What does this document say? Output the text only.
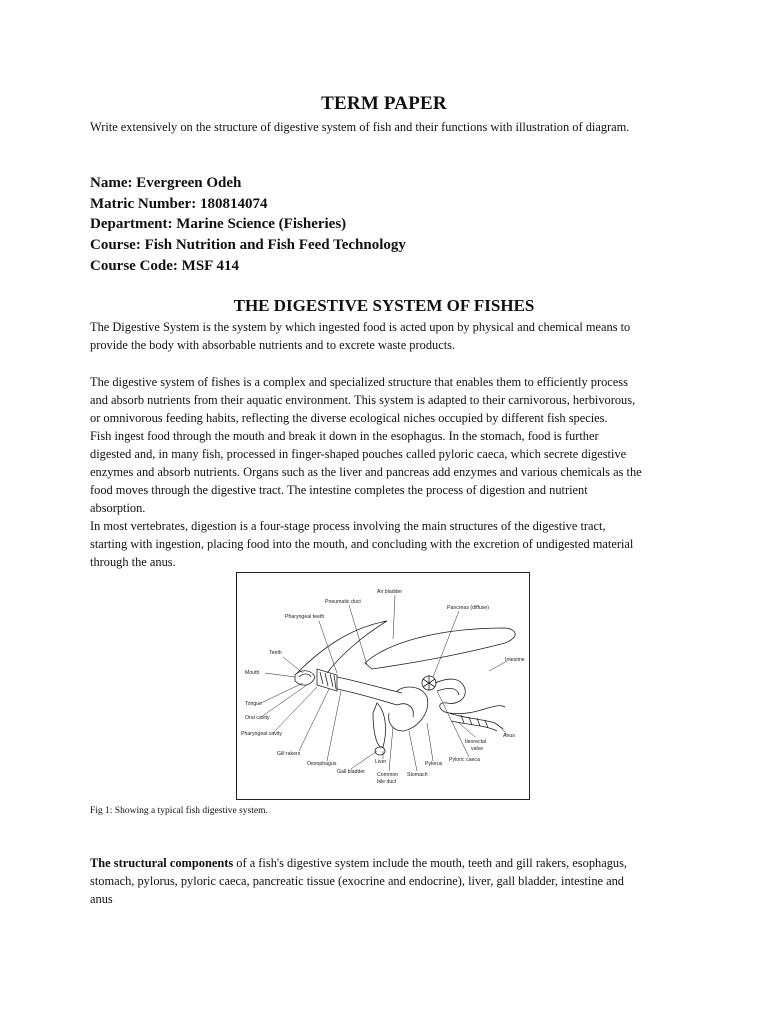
TERM PAPER
Write extensively on the structure of digestive system of fish and their functions with illustration of diagram.
Name: Evergreen Odeh
Matric Number: 180814074
Department: Marine Science (Fisheries)
Course: Fish Nutrition and Fish Feed Technology
Course Code: MSF 414
THE DIGESTIVE SYSTEM OF FISHES
The Digestive System is the system by which ingested food is acted upon by physical and chemical means to
provide the body with absorbable nutrients and to excrete waste products.
The digestive system of fishes is a complex and specialized structure that enables them to efficiently process
and absorb nutrients from their aquatic environment. This system is adapted to their carnivorous, herbivorous,
or omnivorous feeding habits, reflecting the diverse ecological niches occupied by different fish species.
Fish ingest food through the mouth and break it down in the esophagus. In the stomach, food is further
digested and, in many fish, processed in finger-shaped pouches called pyloric caeca, which secrete digestive
enzymes and absorb nutrients. Organs such as the liver and pancreas add enzymes and various chemicals as the
food moves through the digestive tract. The intestine completes the process of digestion and nutrient
absorption.
In most vertebrates, digestion is a four-stage process involving the main structures of the digestive tract,
starting with ingestion, placing food into the mouth, and concluding with the excretion of undigested material
through the anus.
Air bladder
Pneumatic duct
Pharyngeal teeth
Pancreas (diffuse)
Teeth
Intestine
Mouth
Tongue
Oral cavity
Pharyngeal cavity
Ileorectal
valve
Anus
Gill rakers
Pyloric caeca
Oesophagus	Pylorus
Liver
Gall bladder Common
bile duct
Stomach
Fig 1: Showing a typical fish digestive system.
The structural components of a fish's digestive system include the mouth, teeth and gill rakers, esophagus,
stomach, pylorus, pyloric caeca, pancreatic tissue (exocrine and endocrine), liver, gall bladder, intestine and
anus
